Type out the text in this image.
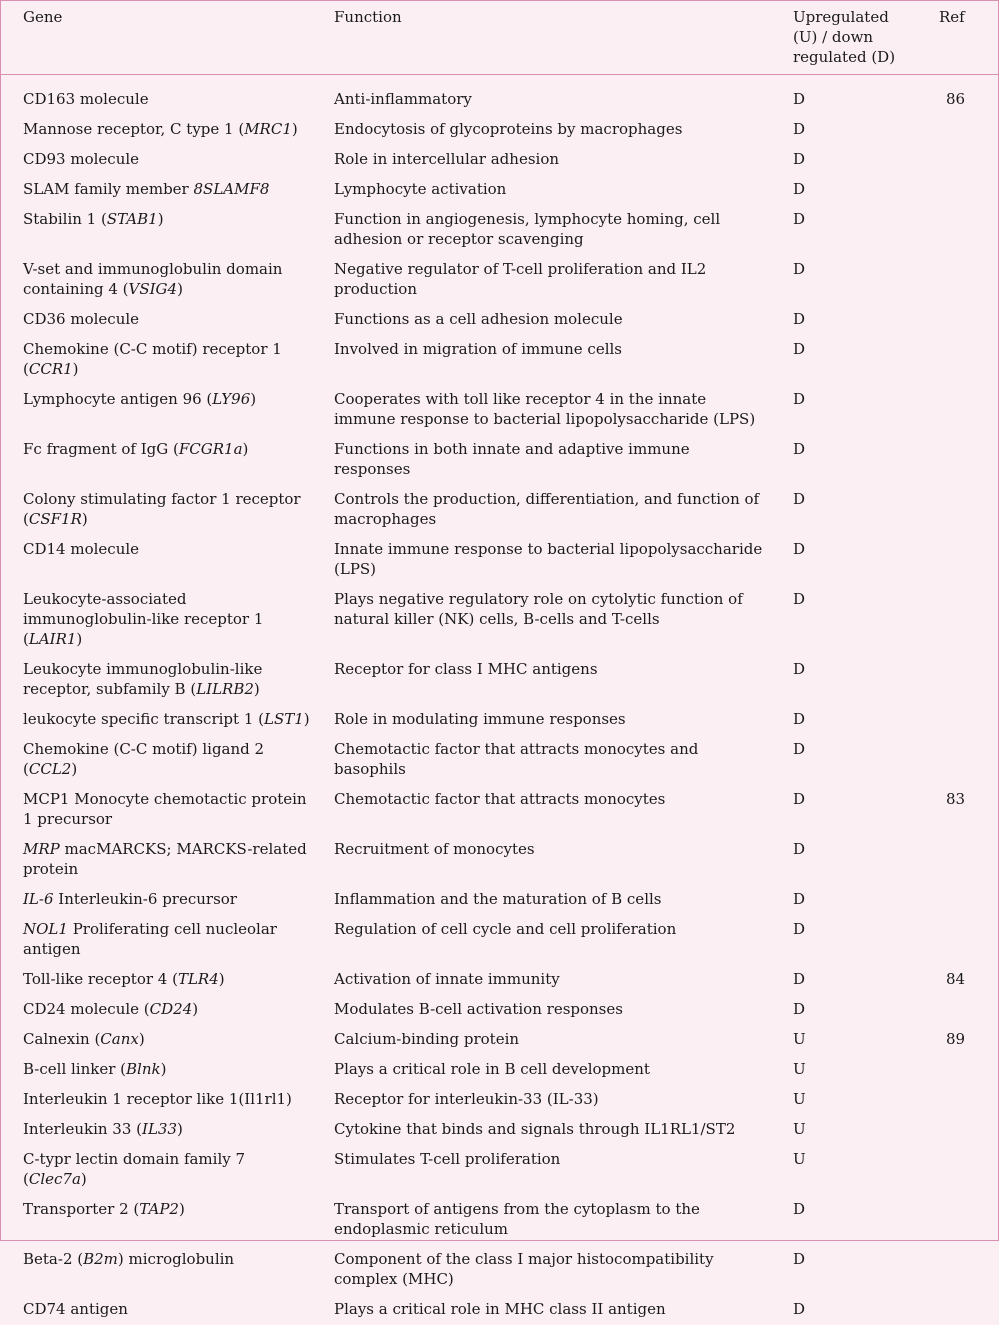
Gene	Function	Upregulated (U) / down regulated (D)	Ref
CD163 molecule	Anti-inflammatory	D	86
Mannose receptor, C type 1 (MRC1)	Endocytosis of glycoproteins by macrophages	D	
CD93 molecule	Role in intercellular adhesion	D	
SLAM family member 8SLAMF8	Lymphocyte activation	D	
Stabilin 1 (STAB1)	Function in angiogenesis, lymphocyte homing, cell adhesion or receptor scavenging	D	
V-set and immunoglobulin domain containing 4 (VSIG4)	Negative regulator of T-cell proliferation and IL2 production	D	
CD36 molecule	Functions as a cell adhesion molecule	D	
Chemokine (C-C motif) receptor 1 (CCR1)	Involved in migration of immune cells	D	
Lymphocyte antigen 96 (LY96)	Cooperates with toll like receptor 4 in the innate immune response to bacterial lipopolysaccharide (LPS)	D	
Fc fragment of IgG (FCGR1a)	Functions in both innate and adaptive immune responses	D	
Colony stimulating factor 1 receptor (CSF1R)	Controls the production, differentiation, and function of macrophages	D	
CD14 molecule	Innate immune response to bacterial lipopolysaccharide (LPS)	D	
Leukocyte-associated immunoglobulin-like receptor 1 (LAIR1)	Plays negative regulatory role on cytolytic function of natural killer (NK) cells, B-cells and T-cells	D	
Leukocyte immunoglobulin-like receptor, subfamily B (LILRB2)	Receptor for class I MHC antigens	D	
leukocyte specific transcript 1 (LST1)	Role in modulating immune responses	D	
Chemokine (C-C motif) ligand 2 (CCL2)	Chemotactic factor that attracts monocytes and basophils	D	
MCP1 Monocyte chemotactic protein 1 precursor	Chemotactic factor that attracts monocytes	D	83
MRP macMARCKS; MARCKS-related protein	Recruitment of monocytes	D	
IL-6 Interleukin-6 precursor	Inflammation and the maturation of B cells	D	
NOL1 Proliferating cell nucleolar antigen	Regulation of cell cycle and cell proliferation	D	
Toll-like receptor 4 (TLR4)	Activation of innate immunity	D	84
CD24 molecule (CD24)	Modulates B-cell activation responses	D	
Calnexin (Canx)	Calcium-binding protein	U	89
B-cell linker (Blnk)	Plays a critical role in B cell development	U	
Interleukin 1 receptor like 1(Il1rl1)	Receptor for interleukin-33 (IL-33)	U	
Interleukin 33 (IL33)	Cytokine that binds and signals through IL1RL1/ST2	U	
C-typr lectin domain family 7 (Clec7a)	Stimulates T-cell proliferation	U	
Transporter 2 (TAP2)	Transport of antigens from the cytoplasm to the endoplasmic reticulum	D	
Beta-2 (B2m) microglobulin	Component of the class I major histocompatibility complex (MHC)	D	
CD74 antigen	Plays a critical role in MHC class II antigen	D	
